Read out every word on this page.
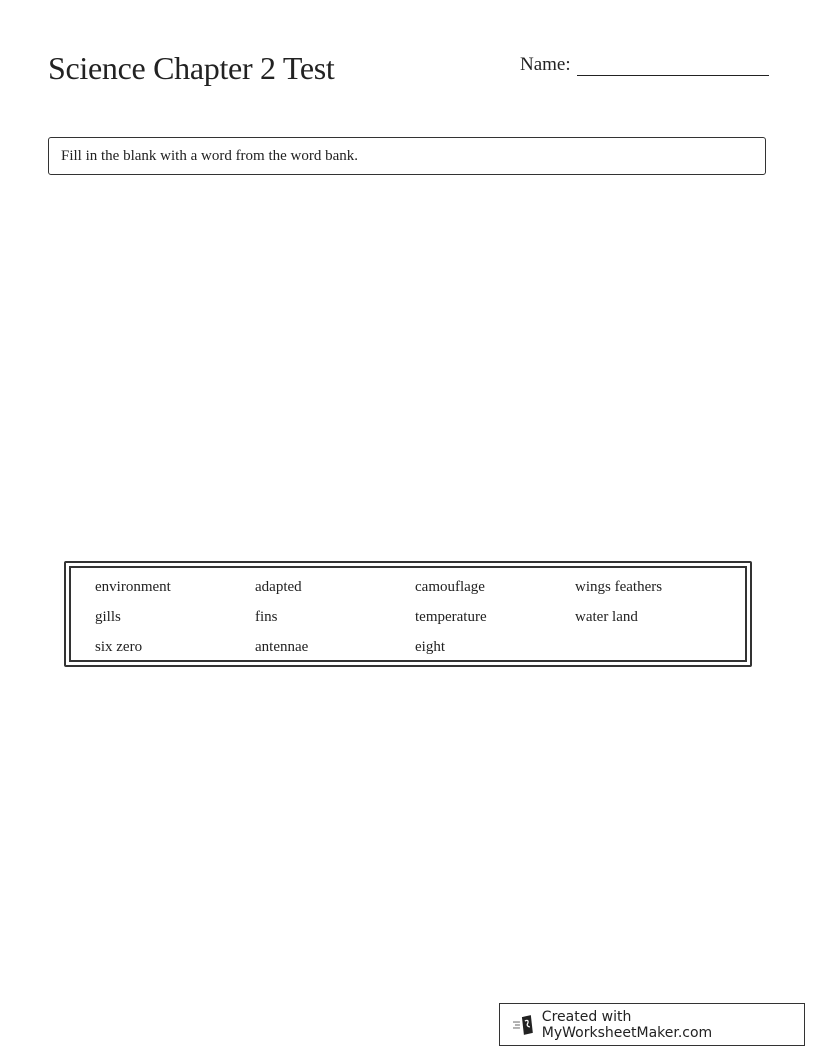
Science Chapter 2 Test	Name:
Fill in the blank with a word from the word bank.
environment	adapted	camouflage	wings feathers
gills	fins	temperature	water land
six zero	antennae	eight
Created with MyWorksheetMaker.com
